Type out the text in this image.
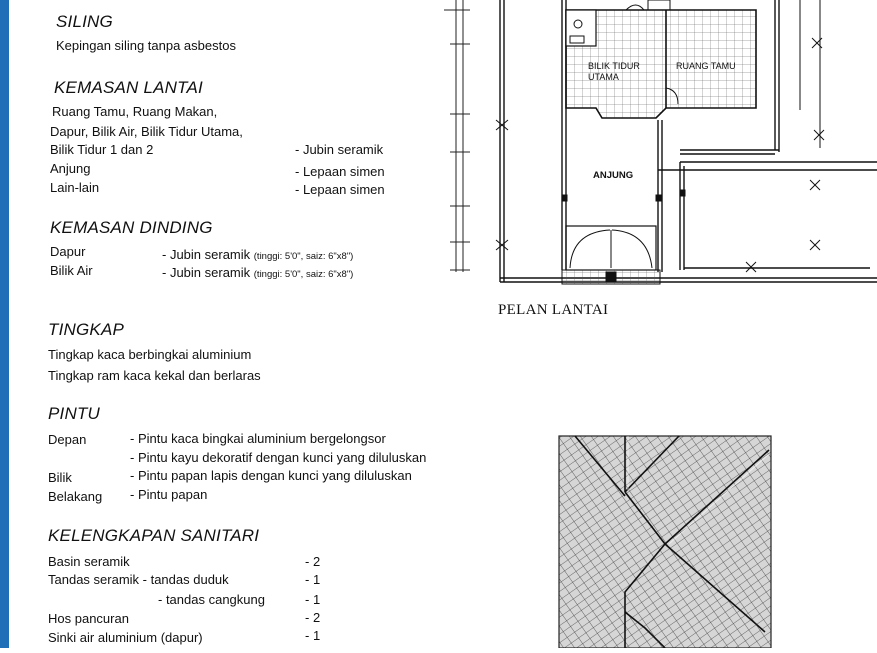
SILING
Kepingan siling tanpa asbestos
KEMASAN LANTAI
Ruang Tamu, Ruang Makan,
Dapur, Bilik Air, Bilik Tidur Utama,
Bilik Tidur 1 dan 2	- Jubin seramik
Anjung	- Lepaan simen
Lain-lain	- Lepaan simen
KEMASAN DINDING
Dapur	- Jubin seramik (tinggi: 5'0", saiz: 6"x8")
Bilik Air	- Jubin seramik (tinggi: 5'0", saiz: 6"x8")
TINGKAP
Tingkap kaca berbingkai aluminium
Tingkap ram kaca kekal dan berlaras
PINTU
Depan	- Pintu kaca bingkai aluminium bergelongsor
- Pintu kayu dekoratif dengan kunci yang diluluskan
Bilik	- Pintu papan lapis dengan kunci yang diluluskan
Belakang - Pintu papan
KELENGKAPAN SANITARI
Basin seramik	- 2
Tandas seramik - tandas duduk	- 1
- tandas cangkung	- 1
Hos pancuran	- 2
Sinki air aluminium (dapur)	- 1
BILIK TIDUR
UTAMA
RUANG TAMU
ANJUNG
PELAN LANTAI
